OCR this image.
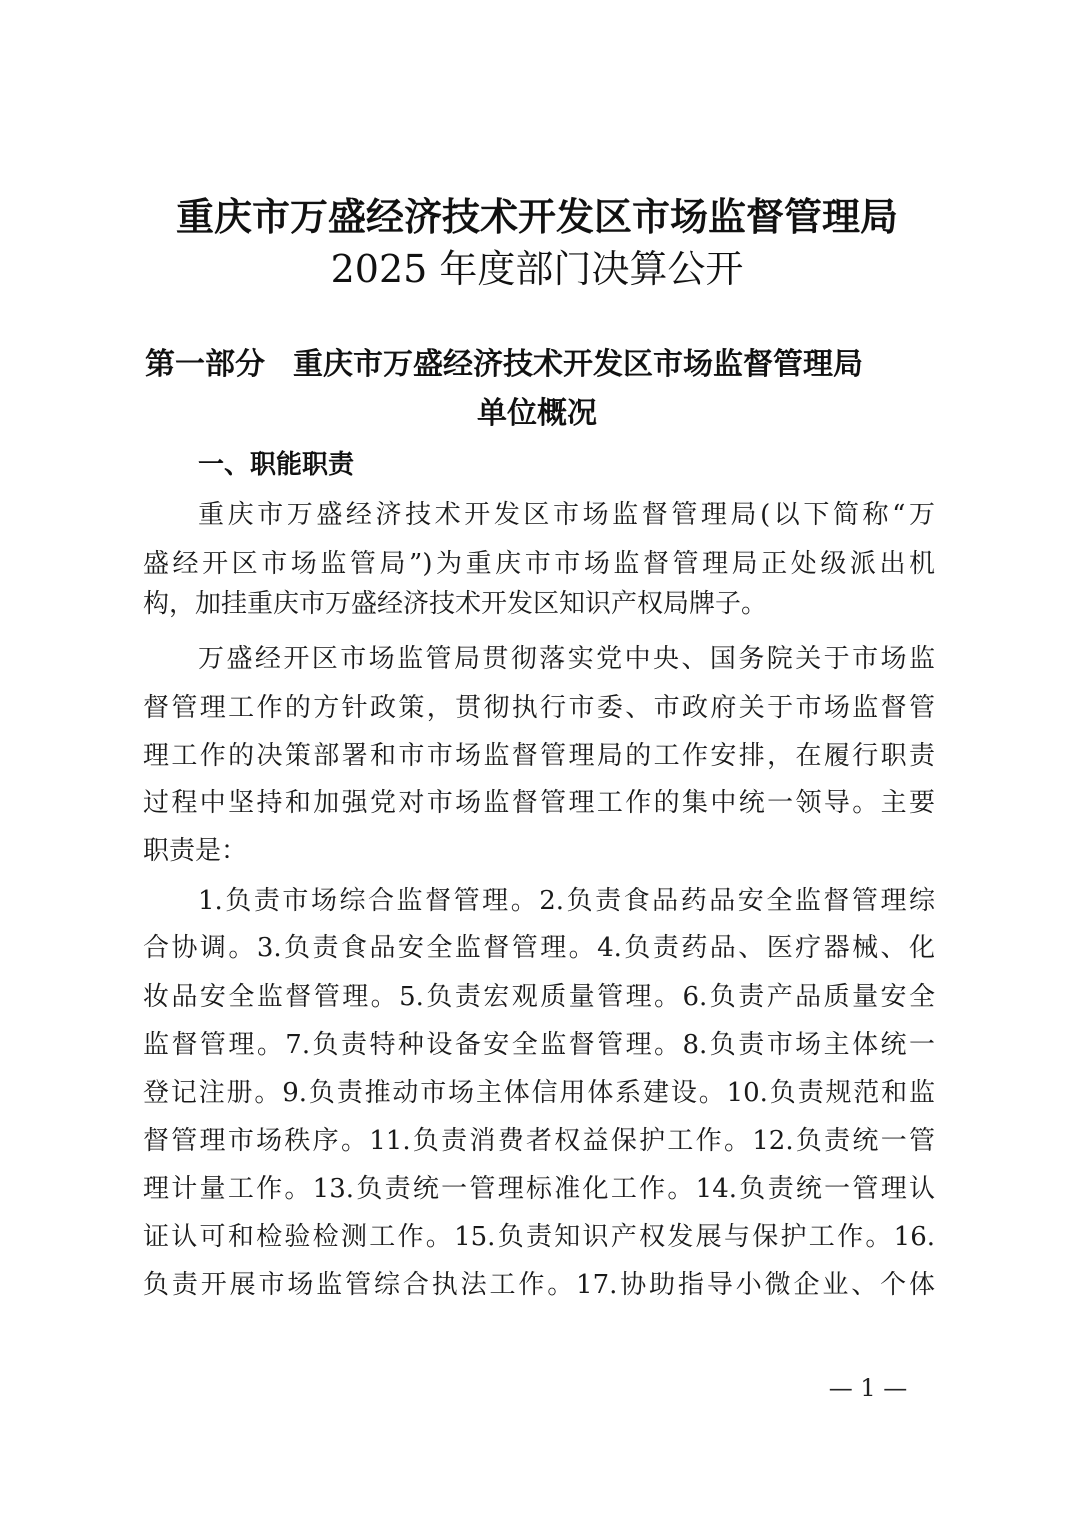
重庆市万盛经济技术开发区市场监督管理局
2025 年度部门决算公开
第一部分 重庆市万盛经济技术开发区市场监督管理局
单位概况
一、职能职责
重庆市万盛经济技术开发区市场监督管理局(以下简称“万
盛经开区市场监管局”)为重庆市市场监督管理局正处级派出机
构，加挂重庆市万盛经济技术开发区知识产权局牌子。
万盛经开区市场监管局贯彻落实党中央、国务院关于市场监
督管理工作的方针政策，贯彻执行市委、市政府关于市场监督管
理工作的决策部署和市市场监督管理局的工作安排，在履行职责
过程中坚持和加强党对市场监督管理工作的集中统一领导。主要
职责是：
1.负责市场综合监督管理。2.负责食品药品安全监督管理综
合协调。3.负责食品安全监督管理。4.负责药品、医疗器械、化
妆品安全监督管理。5.负责宏观质量管理。6.负责产品质量安全
监督管理。7.负责特种设备安全监督管理。8.负责市场主体统一
登记注册。9.负责推动市场主体信用体系建设。10.负责规范和监
督管理市场秩序。11.负责消费者权益保护工作。12.负责统一管
理计量工作。13.负责统一管理标准化工作。14.负责统一管理认
证认可和检验检测工作。15.负责知识产权发展与保护工作。16.
负责开展市场监管综合执法工作。17.协助指导小微企业、个体
— 1 —
